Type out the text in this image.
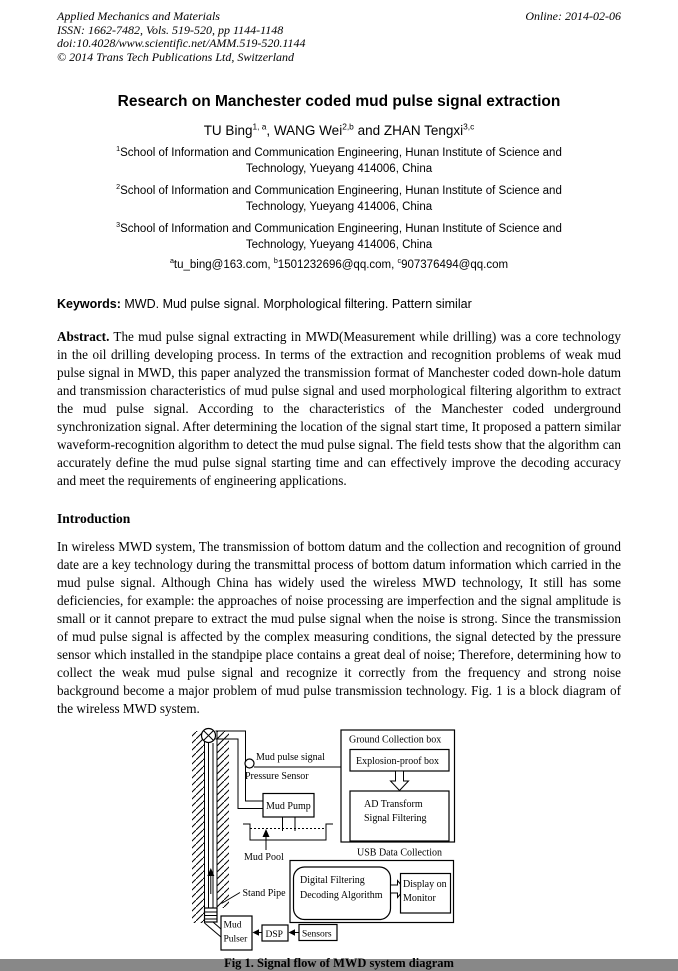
Applied Mechanics and Materials
ISSN: 1662-7482, Vols. 519-520, pp 1144-1148
doi:10.4028/www.scientific.net/AMM.519-520.1144
© 2014 Trans Tech Publications Ltd, Switzerland
Online: 2014-02-06
Research on Manchester coded mud pulse signal extraction
TU Bing$^{1, a}$, WANG Wei$^{2,b}$ and ZHAN Tengxi$^{3,c}$
$^1$School of Information and Communication Engineering, Hunan Institute of Science and
Technology, Yueyang 414006, China
$^2$School of Information and Communication Engineering, Hunan Institute of Science and
Technology, Yueyang 414006, China
$^3$School of Information and Communication Engineering, Hunan Institute of Science and
Technology, Yueyang 414006, China
$^a$tu_bing@163.com, $^b$1501232696@qq.com, $^c$907376494@qq.com
Keywords: MWD. Mud pulse signal. Morphological filtering. Pattern similar
Abstract. The mud pulse signal extracting in MWD(Measurement while drilling) was a core technology in the oil drilling developing process. In terms of the extraction and recognition problems of weak mud pulse signal in MWD, this paper analyzed the transmission format of Manchester coded down-hole datum and transmission characteristics of mud pulse signal and used morphological filtering algorithm to extract the mud pulse signal. According to the characteristics of the Manchester coded underground synchronization signal. After determining the location of the signal start time, It proposed a pattern similar waveform-recognition algorithm to detect the mud pulse signal. The field tests show that the algorithm can accurately define the mud pulse signal starting time and can effectively improve the decoding accuracy and meet the requirements of engineering applications.
Introduction
In wireless MWD system, The transmission of bottom datum and the collection and recognition of ground date are a key technology during the transmittal process of bottom datum information which carried in the mud pulse signal. Although China has widely used the wireless MWD technology, It still has some deficiencies, for example: the approaches of noise processing are imperfection and the signal amplitude is small or it cannot prepare to extract the mud pulse signal when the noise is strong. Since the transmission of mud pulse signal is affected by the complex measuring conditions, the signal detected by the pressure sensor which installed in the standpipe place contains a great deal of noise; Therefore, determining how to collect the weak mud pulse signal and recognize it correctly from the frequency and strong noise background become a major problem of mud pulse transmission technology. Fig. 1 is a block diagram of the wireless MWD system.
Mud pulse signal
Pressure Sensor
Mud Pump
Mud Pool
Stand Pipe
Ground Collection box
Explosion-proof box
AD Transform
Signal Filtering
USB Data Collection
Digital Filtering
Decoding Algorithm
Display on
Monitor
Mud
Pulser DSP Sensors
Fig 1. Signal flow of MWD system diagram
